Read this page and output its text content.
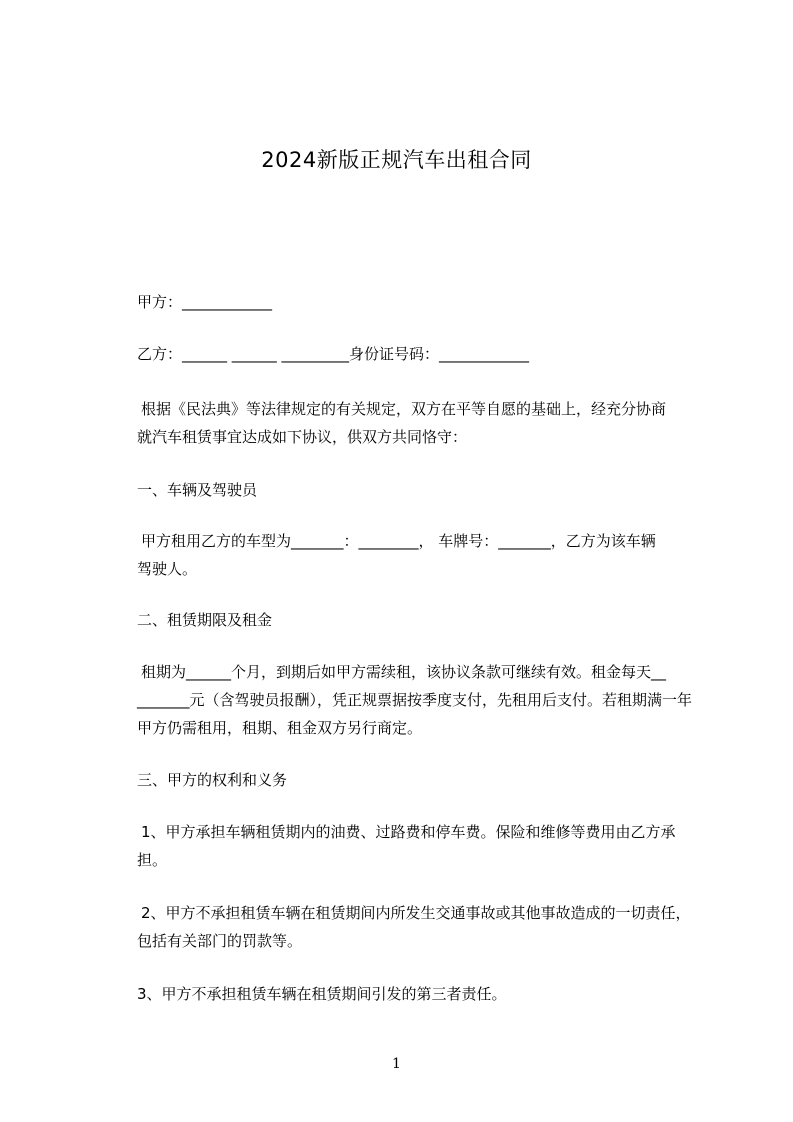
2024新版正规汽车出租合同
甲方：____________
乙方：______ ______ _________身份证号码：____________
根据《民法典》等法律规定的有关规定，双方在平等自愿的基础上，经充分协商
就汽车租赁事宜达成如下协议，供双方共同恪守：
一、车辆及驾驶员
甲方租用乙方的车型为_______：________， 车牌号：_______，乙方为该车辆
驾驶人。
二、租赁期限及租金
租期为______个月，到期后如甲方需续租，该协议条款可继续有效。租金每天__
_______元（含驾驶员报酬），凭正规票据按季度支付，先租用后支付。若租期满一年
甲方仍需租用，租期、租金双方另行商定。
三、甲方的权利和义务
1、甲方承担车辆租赁期内的油费、过路费和停车费。保险和维修等费用由乙方承
担。
2、甲方不承担租赁车辆在租赁期间内所发生交通事故或其他事故造成的一切责任，
包括有关部门的罚款等。
3、甲方不承担租赁车辆在租赁期间引发的第三者责任。
1
